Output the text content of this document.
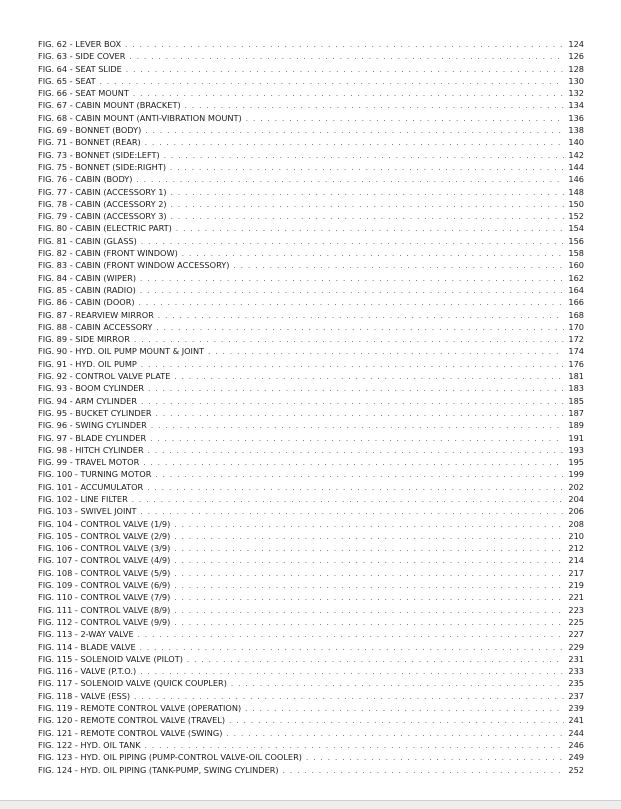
FIG. 62 - LEVER BOX . . .	124
FIG. 63 - SIDE COVER . . .	126
FIG. 64 - SEAT SLIDE . . .	128
FIG. 65 - SEAT . . .	130
FIG. 66 - SEAT MOUNT . . .	132
FIG. 67 - CABIN MOUNT (BRACKET) . . .	134
FIG. 68 - CABIN MOUNT (ANTI-VIBRATION MOUNT) . . .	136
FIG. 69 - BONNET (BODY) . . .	138
FIG. 71 - BONNET (REAR) . . .	140
FIG. 73 - BONNET (SIDE:LEFT) . . .	142
FIG. 75 - BONNET (SIDE:RIGHT) . . .	144
FIG. 76 - CABIN (BODY) . . .	146
FIG. 77 - CABIN (ACCESSORY 1) . . .	148
FIG. 78 - CABIN (ACCESSORY 2) . . .	150
FIG. 79 - CABIN (ACCESSORY 3) . . .	152
FIG. 80 - CABIN (ELECTRIC PART) . . .	154
FIG. 81 - CABIN (GLASS) . . .	156
FIG. 82 - CABIN (FRONT WINDOW) . . .	158
FIG. 83 - CABIN (FRONT WINDOW ACCESSORY) . . .	160
FIG. 84 - CABIN (WIPER) . . .	162
FIG. 85 - CABIN (RADIO) . . .	164
FIG. 86 - CABIN (DOOR) . . .	166
FIG. 87 - REARVIEW MIRROR . . .	168
FIG. 88 - CABIN ACCESSORY . . .	170
FIG. 89 - SIDE MIRROR . . .	172
FIG. 90 - HYD. OIL PUMP MOUNT & JOINT . . .	174
FIG. 91 - HYD. OIL PUMP . . .	176
FIG. 92 - CONTROL VALVE PLATE . . .	181
FIG. 93 - BOOM CYLINDER . . .	183
FIG. 94 - ARM CYLINDER . . .	185
FIG. 95 - BUCKET CYLINDER . . .	187
FIG. 96 - SWING CYLINDER . . .	189
FIG. 97 - BLADE CYLINDER . . .	191
FIG. 98 - HITCH CYLINDER . . .	193
FIG. 99 - TRAVEL MOTOR . . .	195
FIG. 100 - TURNING MOTOR . . .	199
FIG. 101 - ACCUMULATOR . . .	202
FIG. 102 - LINE FILTER . . .	204
FIG. 103 - SWIVEL JOINT . . .	206
FIG. 104 - CONTROL VALVE (1/9) . . .	208
FIG. 105 - CONTROL VALVE (2/9) . . .	210
FIG. 106 - CONTROL VALVE (3/9) . . .	212
FIG. 107 - CONTROL VALVE (4/9) . . .	214
FIG. 108 - CONTROL VALVE (5/9) . . .	217
FIG. 109 - CONTROL VALVE (6/9) . . .	219
FIG. 110 - CONTROL VALVE (7/9) . . .	221
FIG. 111 - CONTROL VALVE (8/9) . . .	223
FIG. 112 - CONTROL VALVE (9/9) . . .	225
FIG. 113 - 2-WAY VALVE . . .	227
FIG. 114 - BLADE VALVE . . .	229
FIG. 115 - SOLENOID VALVE (PILOT) . . .	231
FIG. 116 - VALVE (P.T.O.) . . .	233
FIG. 117 - SOLENOID VALVE (QUICK COUPLER) . . .	235
FIG. 118 - VALVE (ESS) . . .	237
FIG. 119 - REMOTE CONTROL VALVE (OPERATION) . . .	239
FIG. 120 - REMOTE CONTROL VALVE (TRAVEL) . . .	241
FIG. 121 - REMOTE CONTROL VALVE (SWING) . . .	244
FIG. 122 - HYD. OIL TANK . . .	246
FIG. 123 - HYD. OIL PIPING (PUMP-CONTROL VALVE-OIL COOLER) . . .	249
FIG. 124 - HYD. OIL PIPING (TANK-PUMP, SWING CYLINDER) . . .	252
